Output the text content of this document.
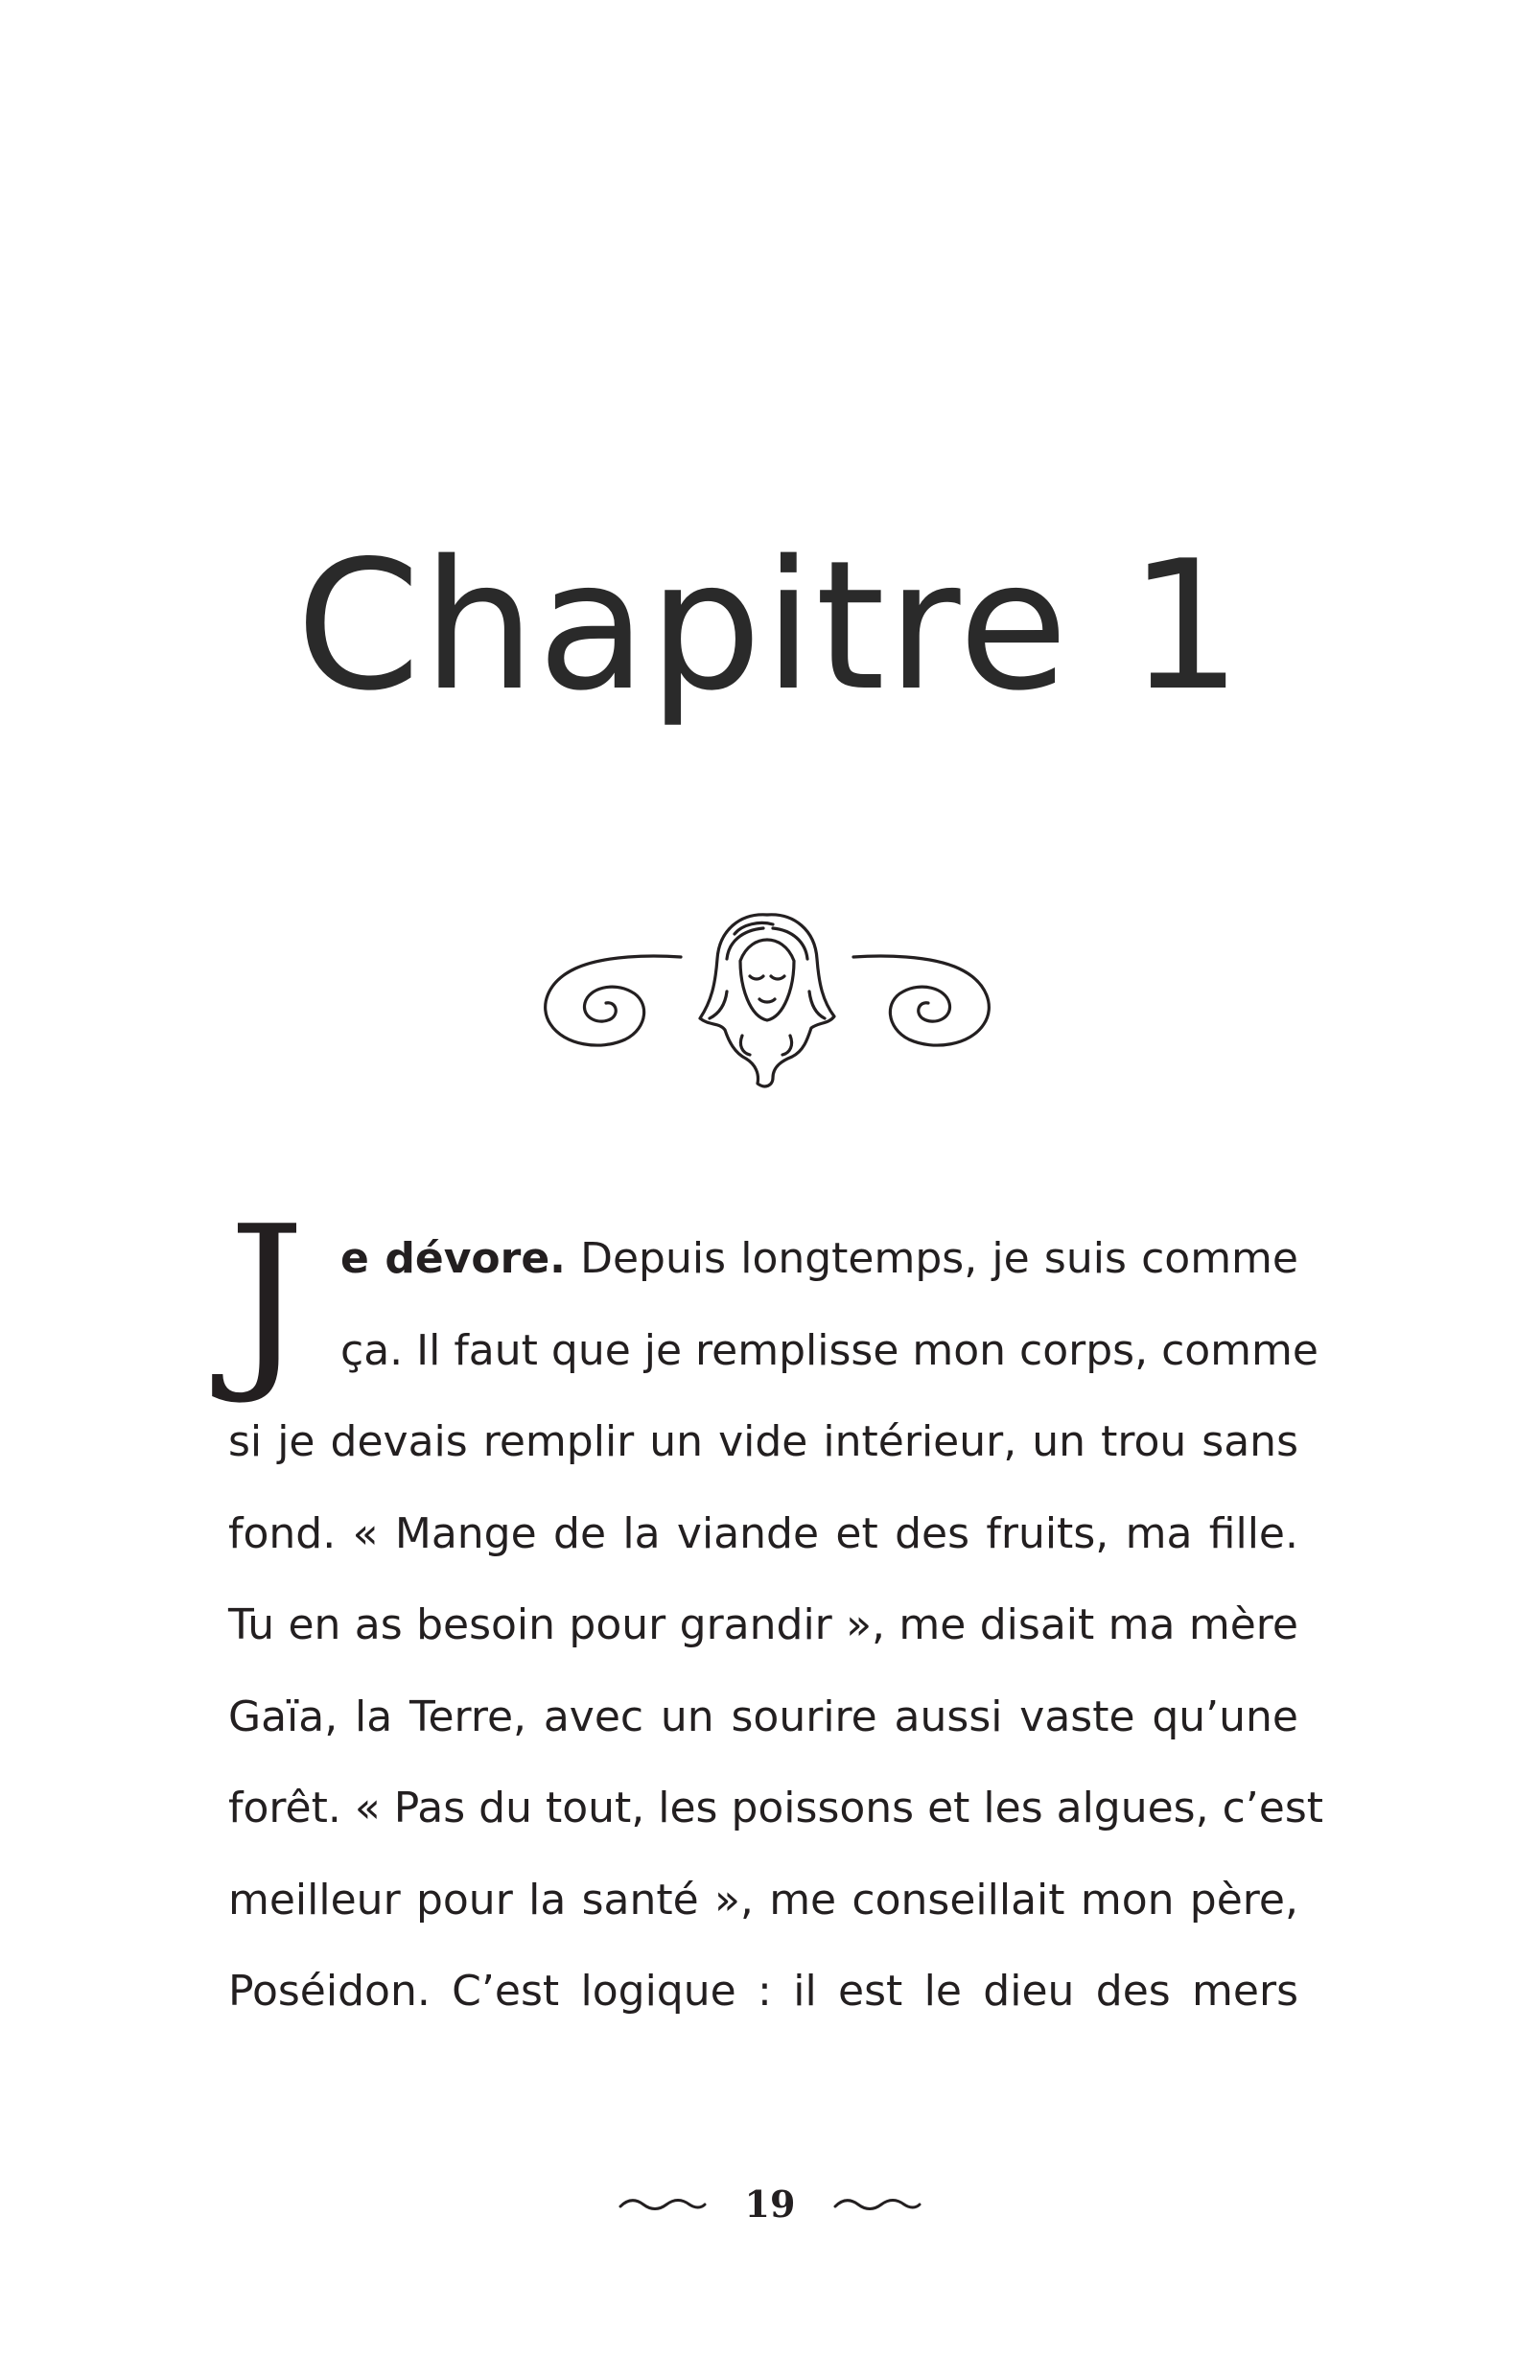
Chapitre 1
J e dévore. Depuis longtemps, je suis comme
ça. Il faut que je remplisse mon corps, comme
si je devais remplir un vide intérieur, un trou sans
fond. « Mange de la viande et des fruits, ma fille.
Tu en as besoin pour grandir », me disait ma mère
Gaïa, la Terre, avec un sourire aussi vaste qu’une
forêt. « Pas du tout, les poissons et les algues, c’est
meilleur pour la santé », me conseillait mon père,
Poséidon. C’est logique : il est le dieu des mers
19
